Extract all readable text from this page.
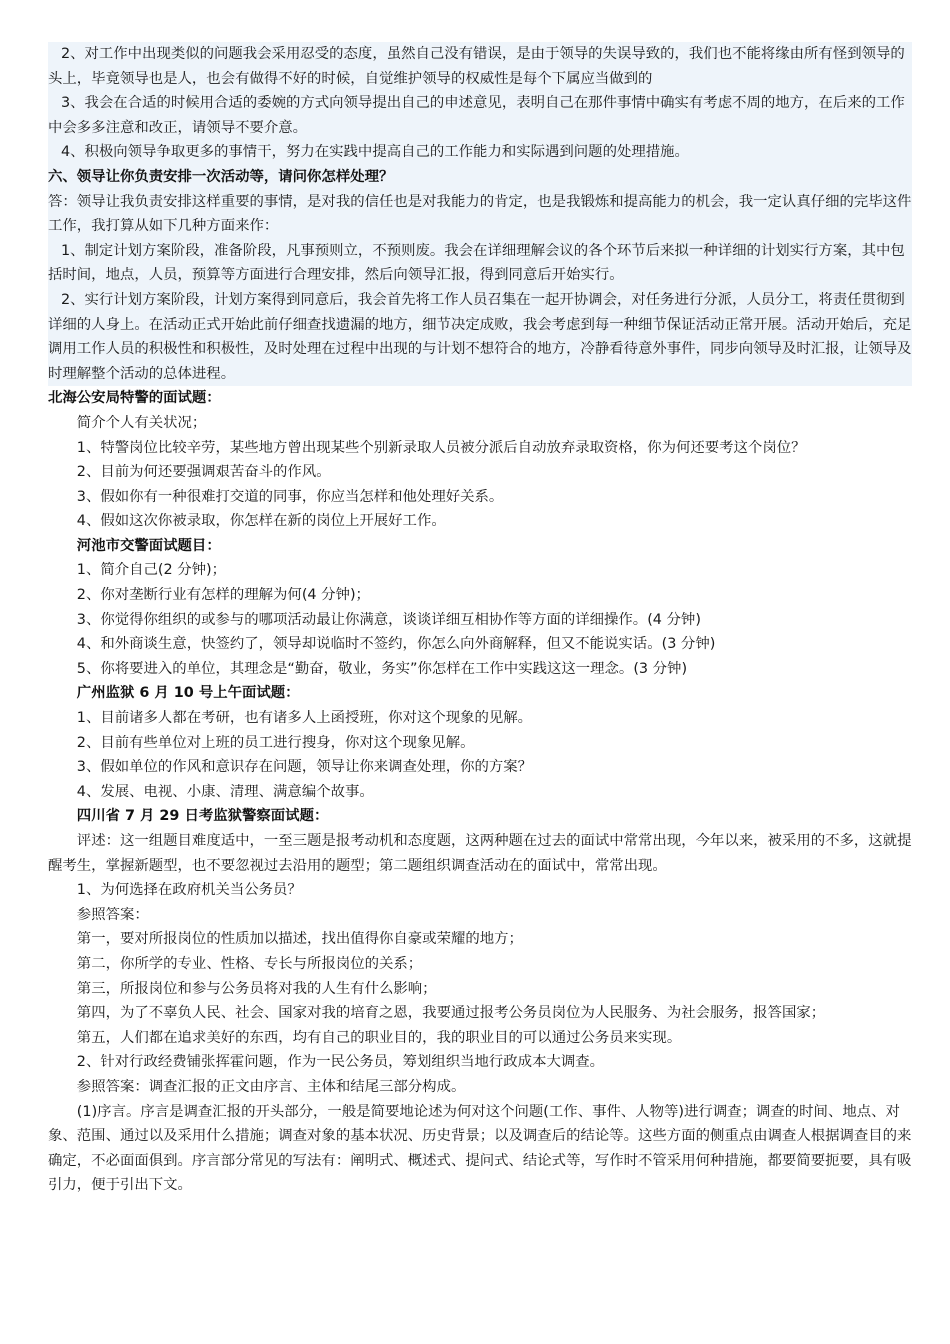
2、对工作中出现类似的问题我会采用忍受的态度，虽然自己没有错误，是由于领导的失误导致的，我们也不能将缘由所有怪到领导的头上，毕竟领导也是人，也会有做得不好的时候，自觉维护领导的权威性是每个下属应当做到的

3、我会在合适的时候用合适的委婉的方式向领导提出自己的申述意见，表明自己在那件事情中确实有考虑不周的地方，在后来的工作中会多多注意和改正，请领导不要介意。

4、积极向领导争取更多的事情干，努力在实践中提高自己的工作能力和实际遇到问题的处理措施。

六、领导让你负责安排一次活动等，请问你怎样处理？

答：领导让我负责安排这样重要的事情，是对我的信任也是对我能力的肯定，也是我锻炼和提高能力的机会，我一定认真仔细的完毕这件工作，我打算从如下几种方面来作：

1、制定计划方案阶段，准备阶段，凡事预则立，不预则废。我会在详细理解会议的各个环节后来拟一种详细的计划实行方案，其中包括时间，地点，人员，预算等方面进行合理安排，然后向领导汇报，得到同意后开始实行。

2、实行计划方案阶段，计划方案得到同意后，我会首先将工作人员召集在一起开协调会，对任务进行分派，人员分工，将责任贯彻到详细的人身上。在活动正式开始此前仔细查找遗漏的地方，细节决定成败，我会考虑到每一种细节保证活动正常开展。活动开始后，充足调用工作人员的积极性和积极性，及时处理在过程中出现的与计划不想符合的地方，冷静看待意外事件，同步向领导及时汇报，让领导及时理解整个活动的总体进程。

北海公安局特警的面试题：

简介个人有关状况；

1、特警岗位比较辛劳，某些地方曾出现某些个别新录取人员被分派后自动放弃录取资格，你为何还要考这个岗位？

2、目前为何还要强调艰苦奋斗的作风。

3、假如你有一种很难打交道的同事，你应当怎样和他处理好关系。

4、假如这次你被录取，你怎样在新的岗位上开展好工作。

河池市交警面试题目：

1、简介自己(2 分钟)；

2、你对垄断行业有怎样的理解为何(4 分钟)；

3、你觉得你组织的或参与的哪项活动最让你满意，谈谈详细互相协作等方面的详细操作。(4 分钟)

4、和外商谈生意，快签约了，领导却说临时不签约，你怎么向外商解释，但又不能说实话。(3 分钟)

5、你将要进入的单位，其理念是“勤奋，敬业，务实”你怎样在工作中实践这这一理念。(3 分钟)

广州监狱 6 月 10 号上午面试题：

1、目前诸多人都在考研，也有诸多人上函授班，你对这个现象的见解。

2、目前有些单位对上班的员工进行搜身，你对这个现象见解。

3、假如单位的作风和意识存在问题，领导让你来调查处理，你的方案？

4、发展、电视、小康、清理、满意编个故事。

四川省 7 月 29 日考监狱警察面试题：

评述：这一组题目难度适中，一至三题是报考动机和态度题，这两种题在过去的面试中常常出现，今年以来，被采用的不多，这就提醒考生，掌握新题型，也不要忽视过去沿用的题型；第二题组织调查活动在的面试中，常常出现。

1、为何选择在政府机关当公务员？

参照答案：

第一，要对所报岗位的性质加以描述，找出值得你自豪或荣耀的地方；

第二，你所学的专业、性格、专长与所报岗位的关系；

第三，所报岗位和参与公务员将对我的人生有什么影响；

第四，为了不辜负人民、社会、国家对我的培育之恩，我要通过报考公务员岗位为人民服务、为社会服务，报答国家；

第五，人们都在追求美好的东西，均有自己的职业目的，我的职业目的可以通过公务员来实现。

2、针对行政经费铺张挥霍问题，作为一民公务员，筹划组织当地行政成本大调查。

参照答案：调查汇报的正文由序言、主体和结尾三部分构成。

(1)序言。序言是调查汇报的开头部分，一般是简要地论述为何对这个问题(工作、事件、人物等)进行调查；调查的时间、地点、对象、范围、通过以及采用什么措施；调查对象的基本状况、历史背景；以及调查后的结论等。这些方面的侧重点由调查人根据调查目的来确定，不必面面俱到。序言部分常见的写法有：阐明式、概述式、提问式、结论式等，写作时不管采用何种措施，都要简要扼要，具有吸引力，便于引出下文。
